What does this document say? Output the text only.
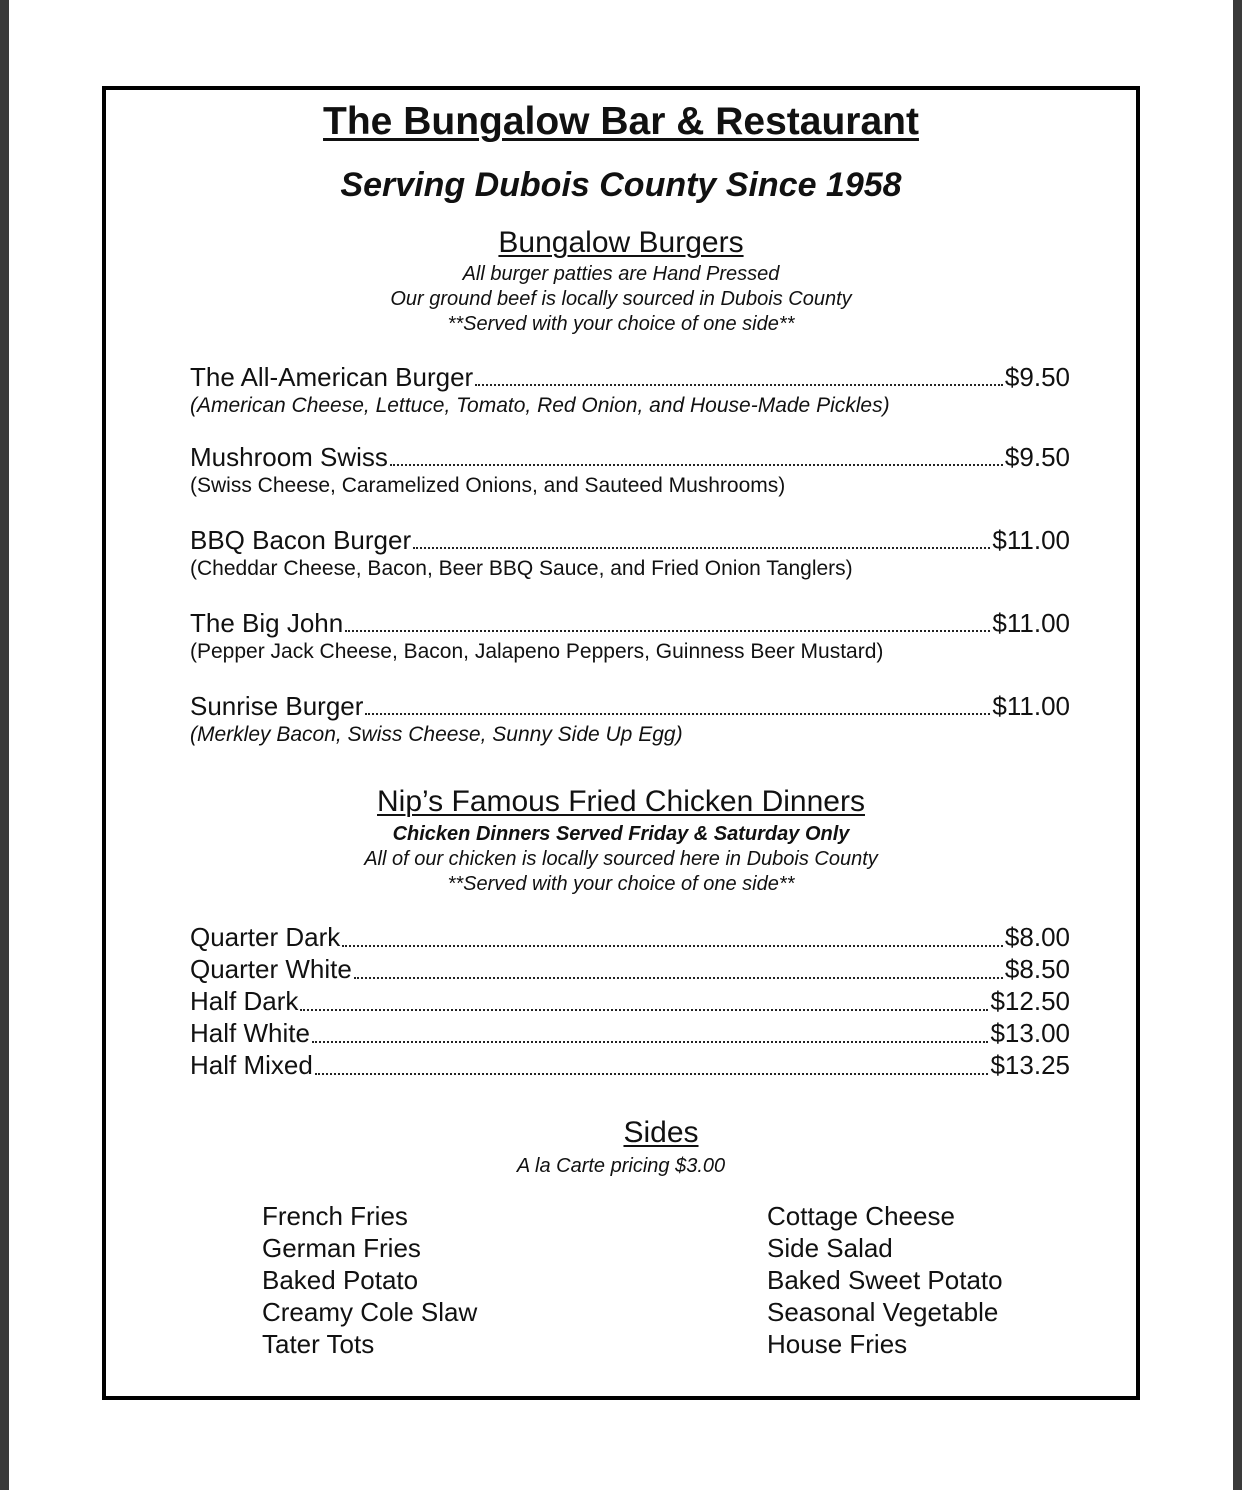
The Bungalow Bar & Restaurant
Serving Dubois County Since 1958
Bungalow Burgers
All burger patties are Hand Pressed
Our ground beef is locally sourced in Dubois County
**Served with your choice of one side**
The All-American Burger	$9.50
(American Cheese, Lettuce, Tomato, Red Onion, and House-Made Pickles)
Mushroom Swiss	$9.50
(Swiss Cheese, Caramelized Onions, and Sauteed Mushrooms)
BBQ Bacon Burger	$11.00
(Cheddar Cheese, Bacon, Beer BBQ Sauce, and Fried Onion Tanglers)
The Big John	$11.00
(Pepper Jack Cheese, Bacon, Jalapeno Peppers, Guinness Beer Mustard)
Sunrise Burger	$11.00
(Merkley Bacon, Swiss Cheese, Sunny Side Up Egg)
Nip’s Famous Fried Chicken Dinners
Chicken Dinners Served Friday & Saturday Only
All of our chicken is locally sourced here in Dubois County
**Served with your choice of one side**
Quarter Dark	$8.00
Quarter White	$8.50
Half Dark	$12.50
Half White	$13.00
Half Mixed	$13.25
Sides
A la Carte pricing $3.00
French Fries
German Fries
Baked Potato
Creamy Cole Slaw
Tater Tots
Cottage Cheese
Side Salad
Baked Sweet Potato
Seasonal Vegetable
House Fries
